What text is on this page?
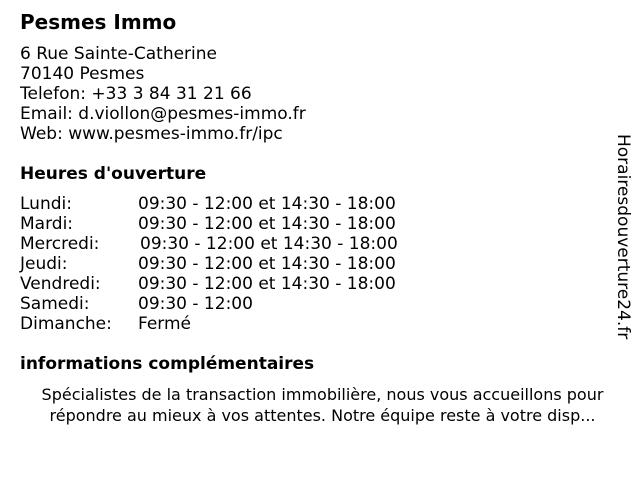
Pesmes Immo
6 Rue Sainte-Catherine
70140 Pesmes
Telefon: +33 3 84 31 21 66
Email: d.viollon@pesmes-immo.fr
Web: www.pesmes-immo.fr/ipc
Heures d'ouverture
Lundi:	09:30 - 12:00 et 14:30 - 18:00
Mardi:	09:30 - 12:00 et 14:30 - 18:00
Mercredi: 09:30 - 12:00 et 14:30 - 18:00
Jeudi:	09:30 - 12:00 et 14:30 - 18:00
Vendredi: 09:30 - 12:00 et 14:30 - 18:00
Samedi:	09:30 - 12:00
Dimanche: Fermé
informations complémentaires
Spécialistes de la transaction immobilière, nous vous accueillons pour
répondre au mieux à vos attentes. Notre équipe reste à votre disp...
Horairesdouverture24.fr
